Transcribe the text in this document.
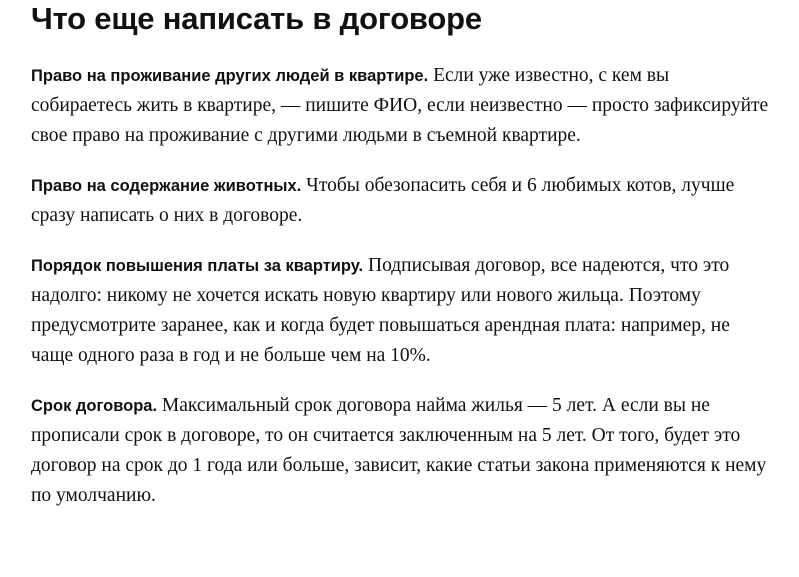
Что еще написать в договоре

Право на проживание других людей в квартире. Если уже известно, с кем вы собираетесь жить в квартире, — пишите ФИО, если неизвестно — просто зафиксируйте свое право на проживание с другими людьми в съемной квартире.

Право на содержание животных. Чтобы обезопасить себя и 6 любимых котов, лучше сразу написать о них в договоре.

Порядок повышения платы за квартиру. Подписывая договор, все надеются, что это надолго: никому не хочется искать новую квартиру или нового жильца. Поэтому предусмотрите заранее, как и когда будет повышаться арендная плата: например, не чаще одного раза в год и не больше чем на 10%.

Срок договора. Максимальный срок договора найма жилья — 5 лет. А если вы не прописали срок в договоре, то он считается заключенным на 5 лет. От того, будет это договор на срок до 1 года или больше, зависит, какие статьи закона применяются к нему по умолчанию.
